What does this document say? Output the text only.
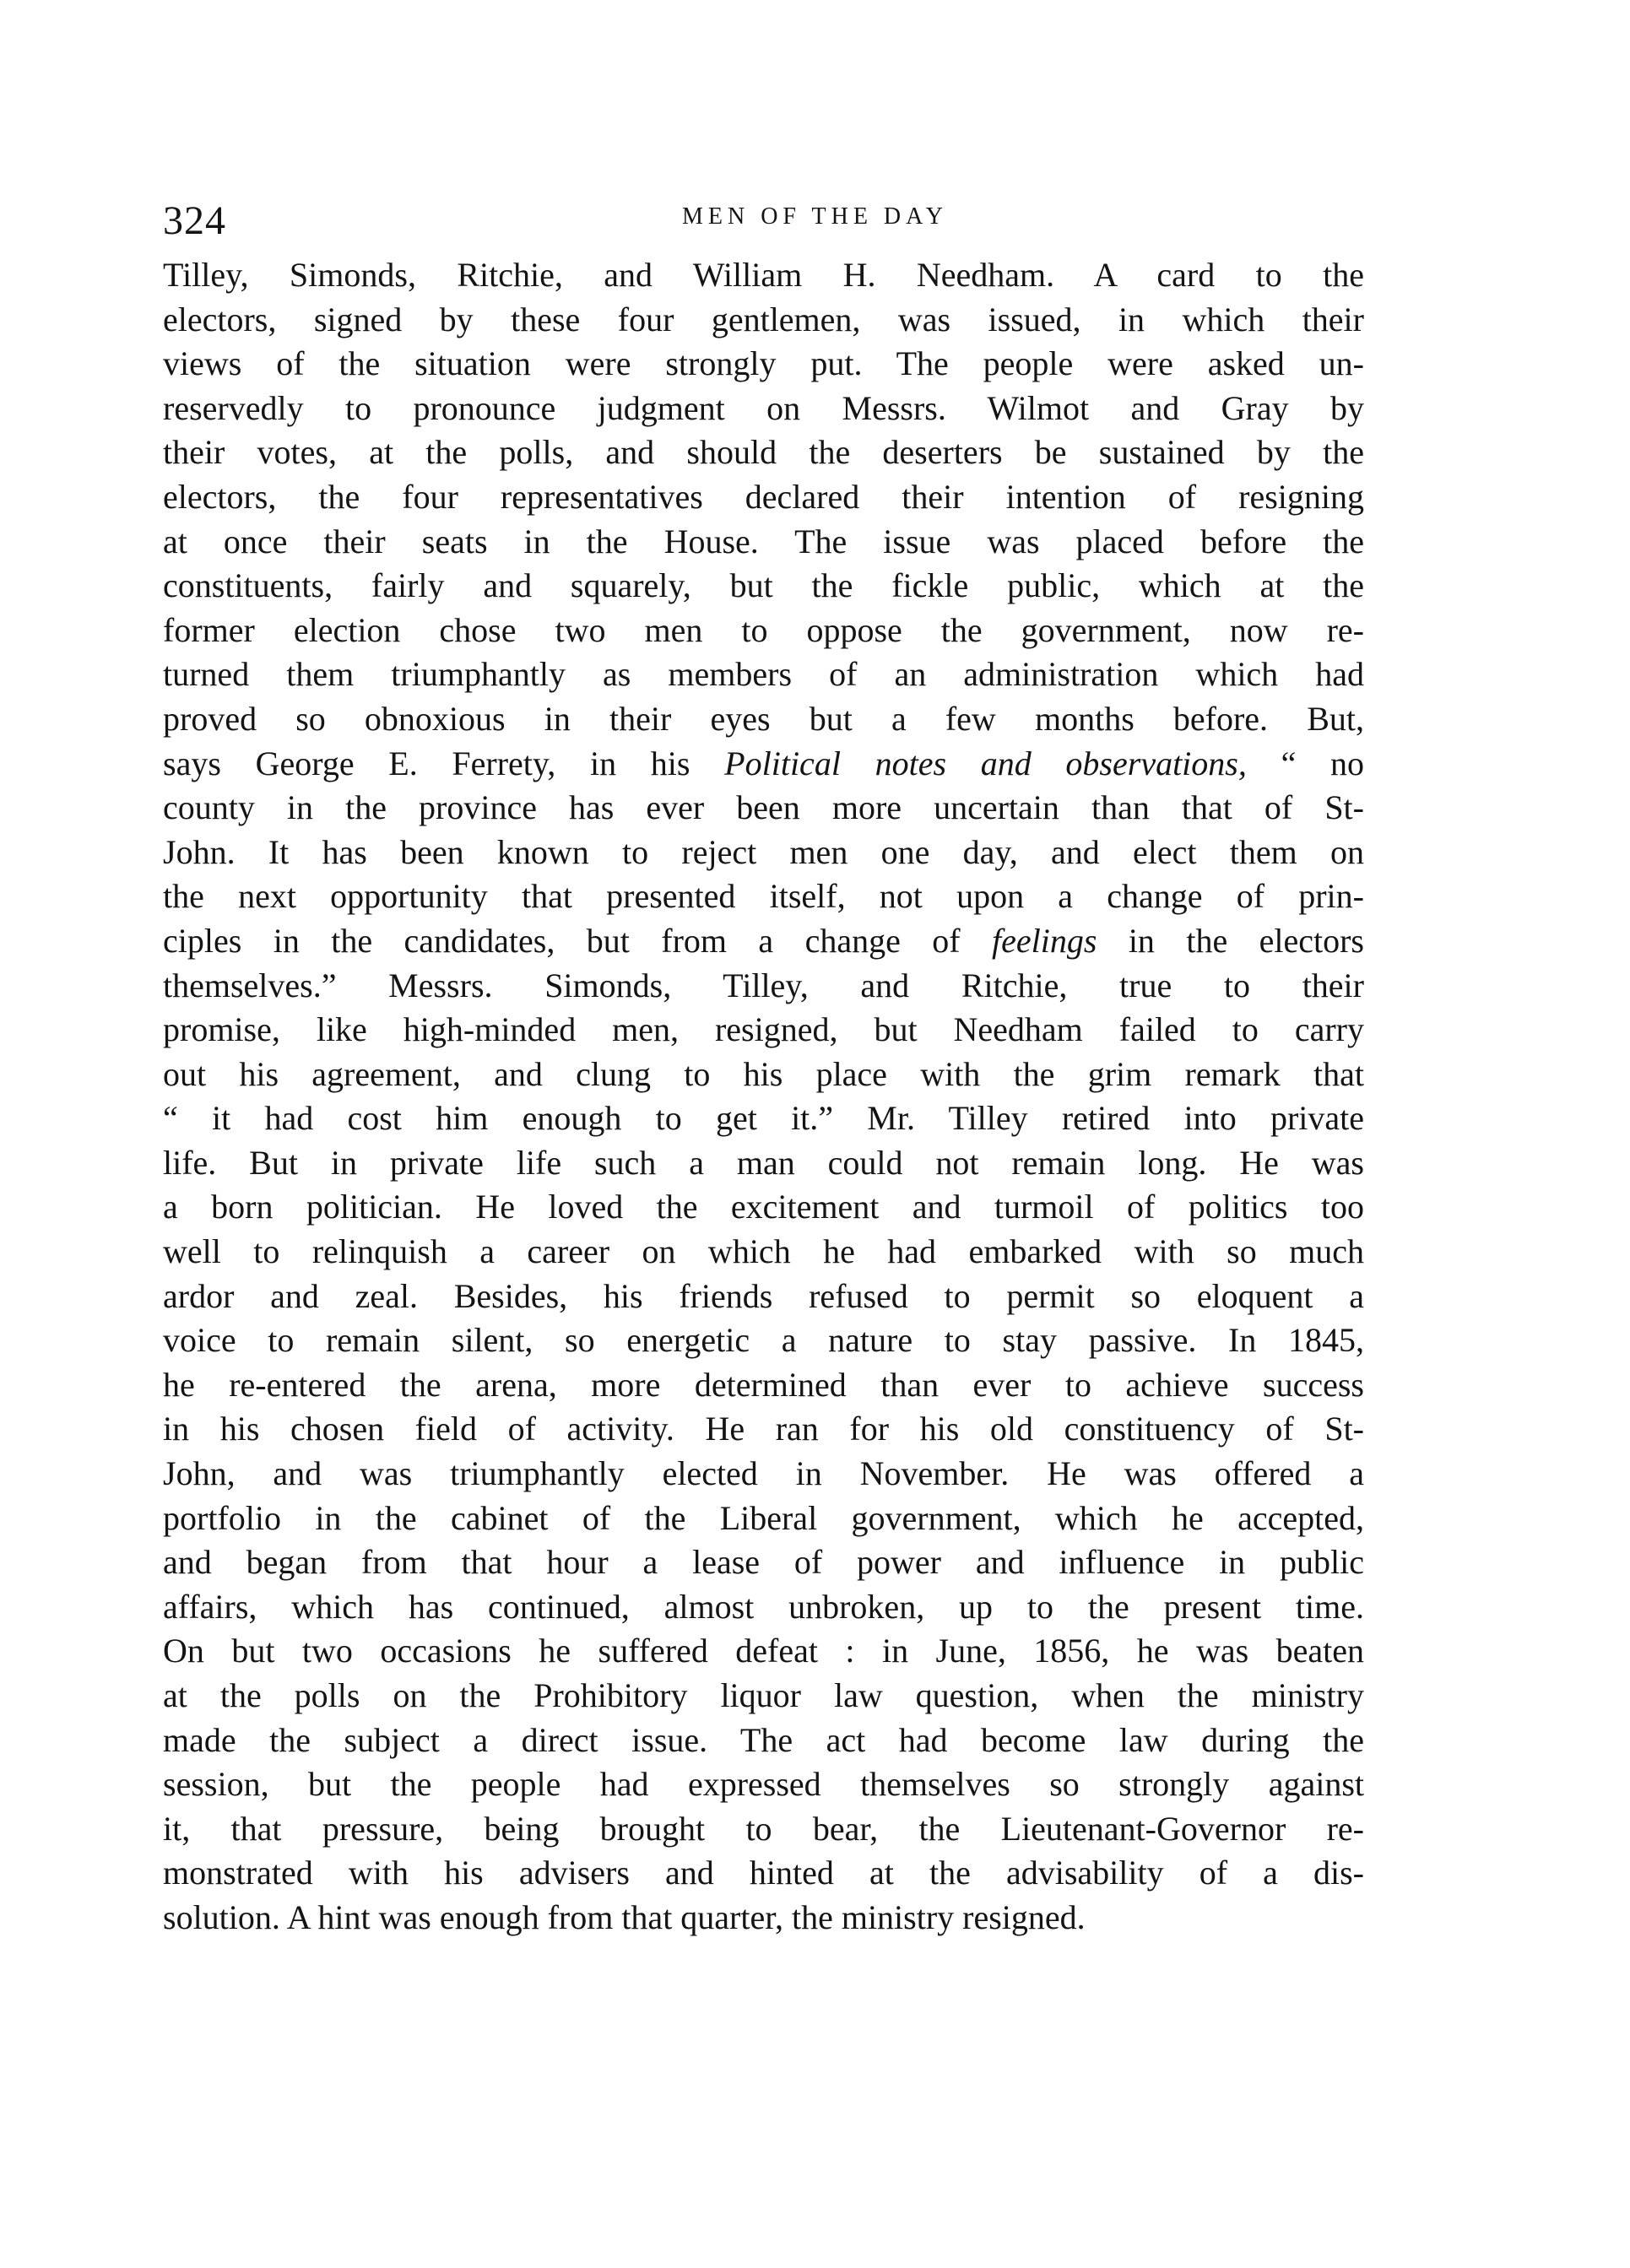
324	MEN OF THE DAY
Tilley, Simonds, Ritchie, and William H. Needham. A card to the
electors, signed by these four gentlemen, was issued, in which their
views of the situation were strongly put. The people were asked un-
reservedly to pronounce judgment on Messrs. Wilmot and Gray by
their votes, at the polls, and should the deserters be sustained by the
electors, the four representatives declared their intention of resigning
at once their seats in the House. The issue was placed before the
constituents, fairly and squarely, but the fickle public, which at the
former election chose two men to oppose the government, now re-
turned them triumphantly as members of an administration which had
proved so obnoxious in their eyes but a few months before. But,
says George E. Ferrety, in his Political notes and observations, “ no
county in the province has ever been more uncertain than that of St-
John. It has been known to reject men one day, and elect them on
the next opportunity that presented itself, not upon a change of prin-
ciples in the candidates, but from a change of feelings in the electors
themselves.” Messrs. Simonds, Tilley, and Ritchie, true to their
promise, like high-minded men, resigned, but Needham failed to carry
out his agreement, and clung to his place with the grim remark that
“ it had cost him enough to get it.” Mr. Tilley retired into private
life. But in private life such a man could not remain long. He was
a born politician. He loved the excitement and turmoil of politics too
well to relinquish a career on which he had embarked with so much
ardor and zeal. Besides, his friends refused to permit so eloquent a
voice to remain silent, so energetic a nature to stay passive. In 1845,
he re-entered the arena, more determined than ever to achieve success
in his chosen field of activity. He ran for his old constituency of St-
John, and was triumphantly elected in November. He was offered a
portfolio in the cabinet of the Liberal government, which he accepted,
and began from that hour a lease of power and influence in public
affairs, which has continued, almost unbroken, up to the present time.
On but two occasions he suffered defeat : in June, 1856, he was beaten
at the polls on the Prohibitory liquor law question, when the ministry
made the subject a direct issue. The act had become law during the
session, but the people had expressed themselves so strongly against
it, that pressure, being brought to bear, the Lieutenant-Governor re-
monstrated with his advisers and hinted at the advisability of a dis-
solution. A hint was enough from that quarter, the ministry resigned.
